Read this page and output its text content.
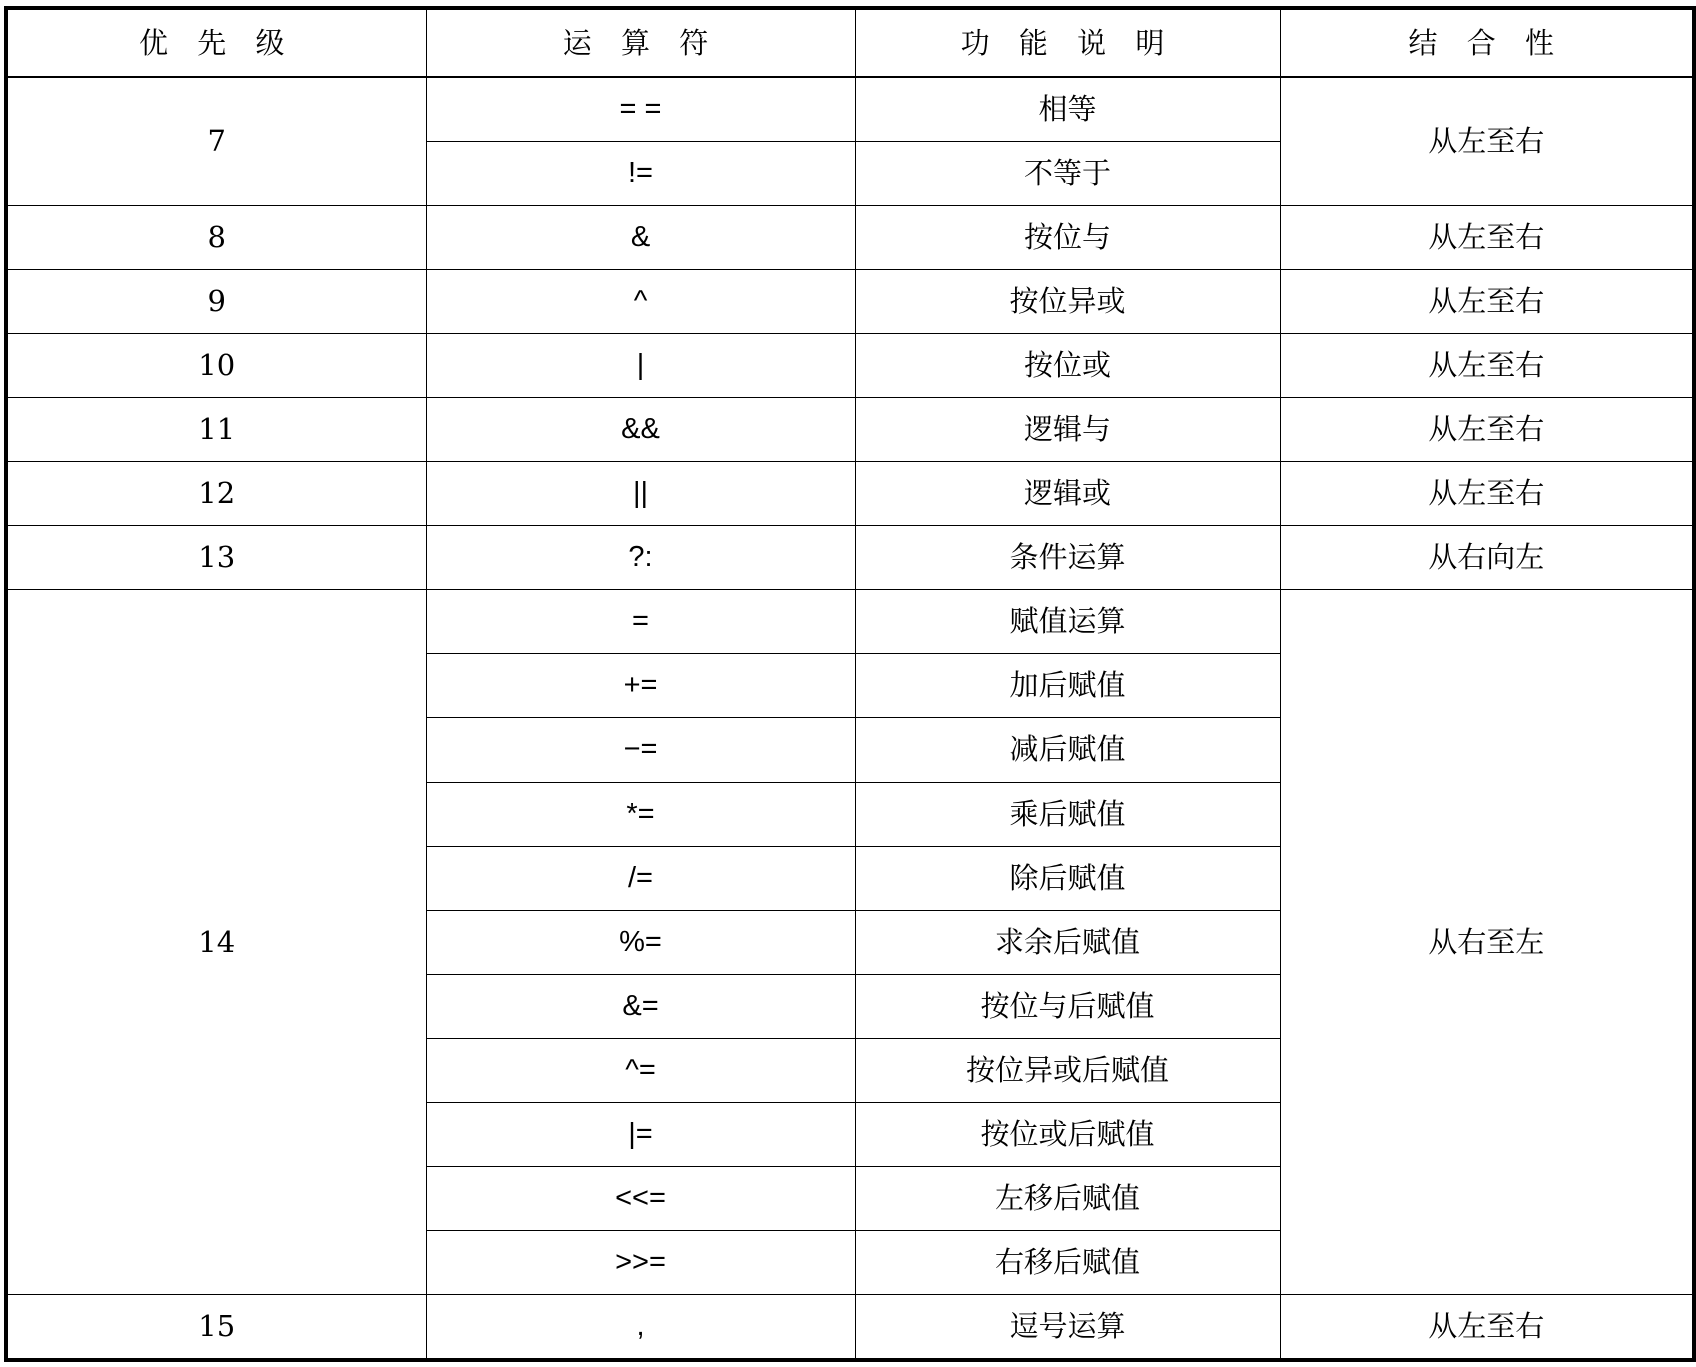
优 先 级	运 算 符	功 能 说 明	结 合 性
7	= =	相等	从左至右
	!=	不等于	
8	&	按位与	从左至右
9	^	按位异或	从左至右
10	|	按位或	从左至右
11	&&	逻辑与	从左至右
12	||	逻辑或	从左至右
13	?:	条件运算	从右向左
14	=	赋值运算	从右至左
	+=	加后赋值	
	−=	减后赋值	
	*=	乘后赋值	
	/=	除后赋值	
	%=	求余后赋值	
	&=	按位与后赋值	
	^=	按位异或后赋值	
	|=	按位或后赋值	
	<<=	左移后赋值	
	>>=	右移后赋值	
15	,	逗号运算	从左至右
